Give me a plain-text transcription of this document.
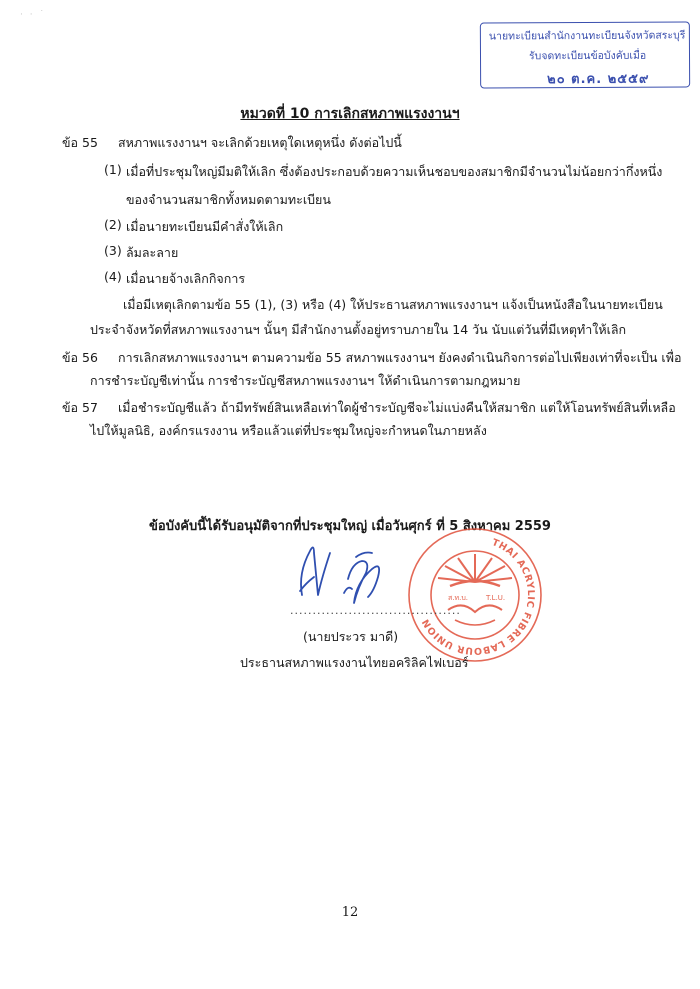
· · ˙
นายทะเบียนสำนักงานทะเบียนจังหวัดสระบุรี
รับจดทะเบียนข้อบังคับเมื่อ
๒๐ ต.ค. ๒๕๕๙
หมวดที่ 10 การเลิกสหภาพแรงงานฯ
ข้อ 55 สหภาพแรงงานฯ จะเลิกด้วยเหตุใดเหตุหนึ่ง ดังต่อไปนี้
(1) เมื่อที่ประชุมใหญ่มีมติให้เลิก ซึ่งต้องประกอบด้วยความเห็นชอบของสมาชิกมีจำนวนไม่น้อยกว่ากึ่งหนึ่ง
ของจำนวนสมาชิกทั้งหมดตามทะเบียน
(2) เมื่อนายทะเบียนมีคำสั่งให้เลิก
(3) ล้มละลาย
(4) เมื่อนายจ้างเลิกกิจการ
เมื่อมีเหตุเลิกตามข้อ 55 (1), (3) หรือ (4) ให้ประธานสหภาพแรงงานฯ แจ้งเป็นหนังสือในนายทะเบียน
ประจำจังหวัดที่สหภาพแรงงานฯ นั้นๆ มีสำนักงานตั้งอยู่ทราบภายใน 14 วัน นับแต่วันที่มีเหตุทำให้เลิก
ข้อ 56 การเลิกสหภาพแรงงานฯ ตามความข้อ 55 สหภาพแรงงานฯ ยังคงดำเนินกิจการต่อไปเพียงเท่าที่จะเป็น เพื่อ
การชำระบัญชีเท่านั้น การชำระบัญชีสหภาพแรงงานฯ ให้ดำเนินการตามกฎหมาย
ข้อ 57 เมื่อชำระบัญชีแล้ว ถ้ามีทรัพย์สินเหลือเท่าใดผู้ชำระบัญชีจะไม่แบ่งคืนให้สมาชิก แต่ให้โอนทรัพย์สินที่เหลือ
ไปให้มูลนิธิ, องค์กรแรงงาน หรือแล้วแต่ที่ประชุมใหญ่จะกำหนดในภายหลัง
ข้อบังคับนี้ได้รับอนุมัติจากที่ประชุมใหญ่ เมื่อวันศุกร์ ที่ 5 สิงหาคม 2559
THAI ACRYLIC FIBRE LABOUR UNION
ส.ท.บ.	T.L.U.
......................................
(นายประวร มาดี)
ประธานสหภาพแรงงานไทยอคริลิคไฟเบอร์
12
